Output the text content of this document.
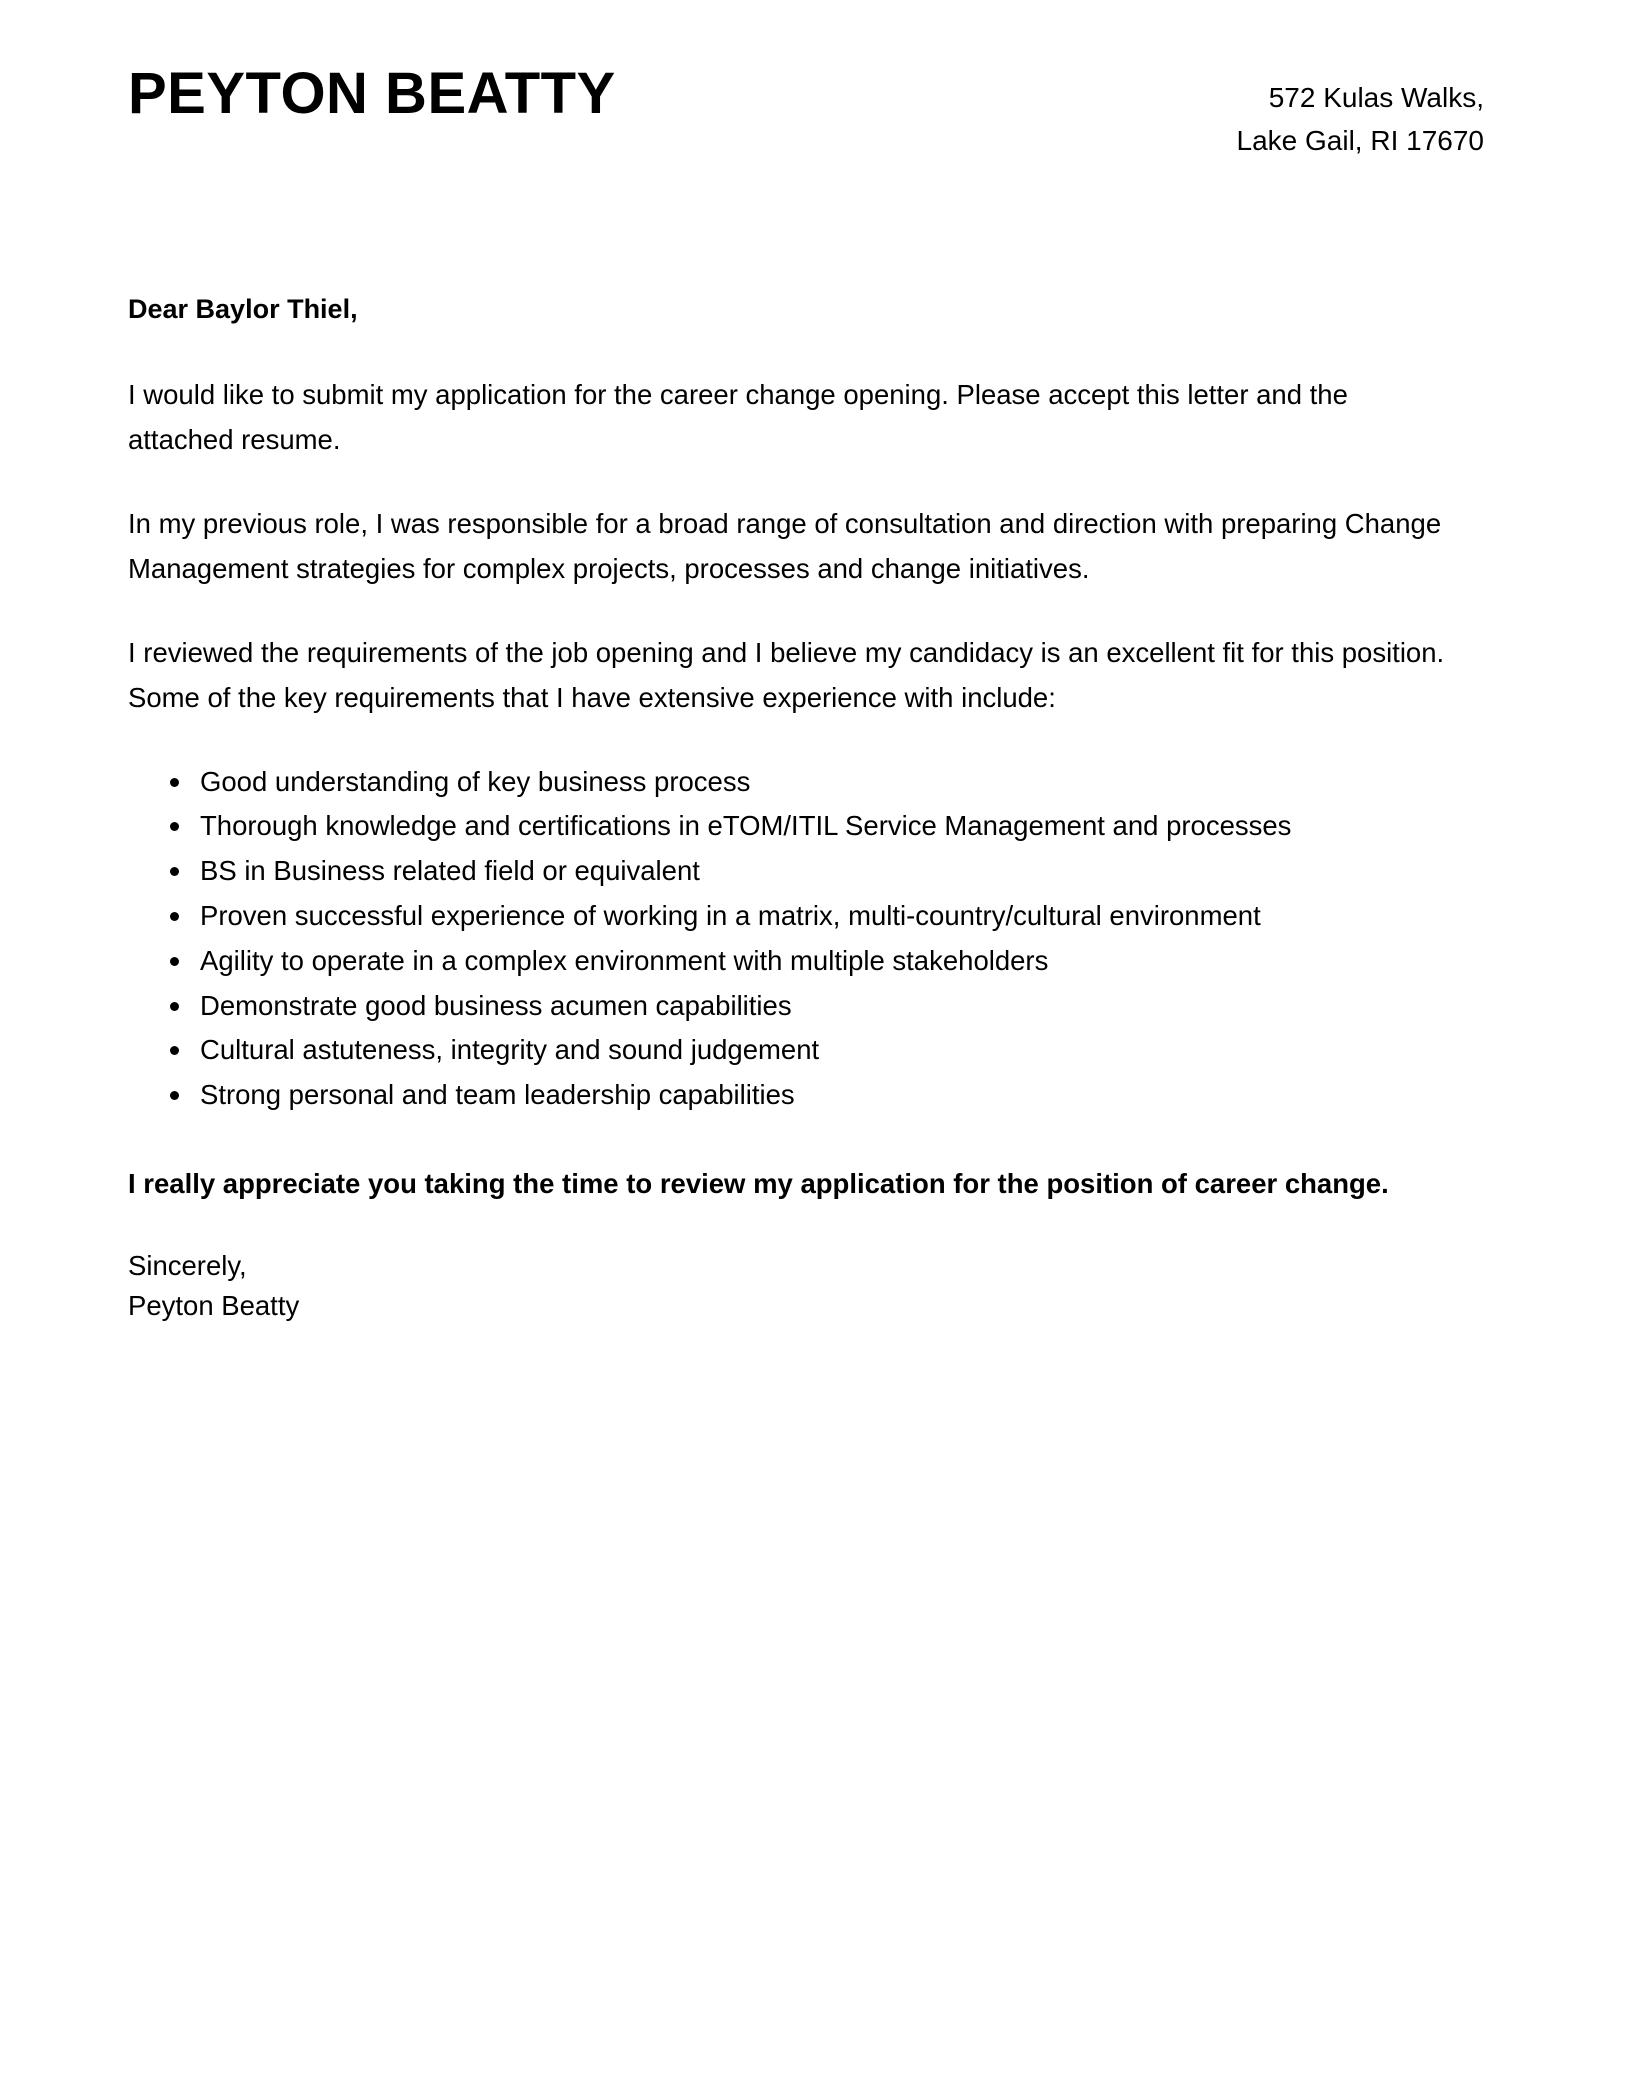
PEYTON BEATTY	572 Kulas Walks,
Lake Gail, RI 17670

Dear Baylor Thiel,

I would like to submit my application for the career change opening. Please accept this letter and the attached resume.

In my previous role, I was responsible for a broad range of consultation and direction with preparing Change Management strategies for complex projects, processes and change initiatives.

I reviewed the requirements of the job opening and I believe my candidacy is an excellent fit for this position. Some of the key requirements that I have extensive experience with include:

Good understanding of key business process
Thorough knowledge and certifications in eTOM/ITIL Service Management and processes
BS in Business related field or equivalent
Proven successful experience of working in a matrix, multi-country/cultural environment
Agility to operate in a complex environment with multiple stakeholders
Demonstrate good business acumen capabilities
Cultural astuteness, integrity and sound judgement
Strong personal and team leadership capabilities

I really appreciate you taking the time to review my application for the position of career change.

Sincerely,
Peyton Beatty
